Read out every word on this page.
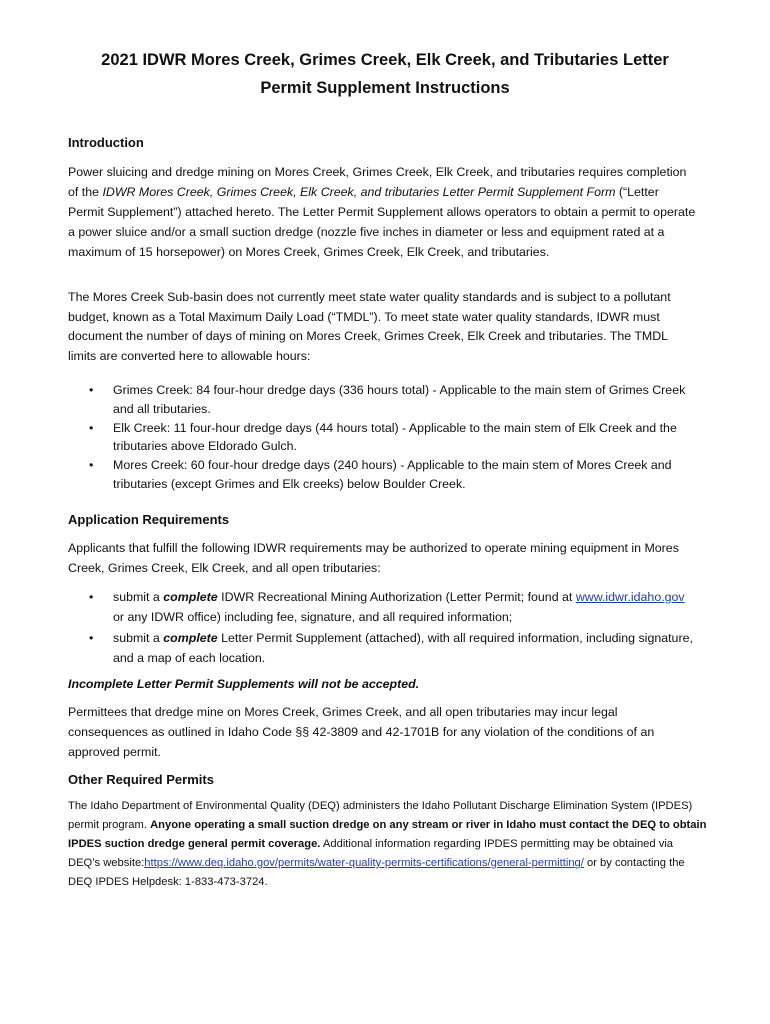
2021 IDWR Mores Creek, Grimes Creek, Elk Creek, and Tributaries Letter
Permit Supplement Instructions
Introduction
Power sluicing and dredge mining on Mores Creek, Grimes Creek, Elk Creek, and tributaries requires completion of the IDWR Mores Creek, Grimes Creek, Elk Creek, and tributaries Letter Permit Supplement Form (“Letter Permit Supplement”) attached hereto. The Letter Permit Supplement allows operators to obtain a permit to operate a power sluice and/or a small suction dredge (nozzle five inches in diameter or less and equipment rated at a maximum of 15 horsepower) on Mores Creek, Grimes Creek, Elk Creek, and tributaries.
The Mores Creek Sub-basin does not currently meet state water quality standards and is subject to a pollutant budget, known as a Total Maximum Daily Load (“TMDL”). To meet state water quality standards, IDWR must document the number of days of mining on Mores Creek, Grimes Creek, Elk Creek and tributaries. The TMDL limits are converted here to allowable hours:
• Grimes Creek: 84 four-hour dredge days (336 hours total) - Applicable to the main stem of Grimes Creek and all tributaries.
• Elk Creek: 11 four-hour dredge days (44 hours total) - Applicable to the main stem of Elk Creek and the tributaries above Eldorado Gulch.
• Mores Creek: 60 four-hour dredge days (240 hours) - Applicable to the main stem of Mores Creek and tributaries (except Grimes and Elk creeks) below Boulder Creek.
Application Requirements
Applicants that fulfill the following IDWR requirements may be authorized to operate mining equipment in Mores Creek, Grimes Creek, Elk Creek, and all open tributaries:
• submit a complete IDWR Recreational Mining Authorization (Letter Permit; found at www.idwr.idaho.gov or any IDWR office) including fee, signature, and all required information;
• submit a complete Letter Permit Supplement (attached), with all required information, including signature, and a map of each location.
Incomplete Letter Permit Supplements will not be accepted.
Permittees that dredge mine on Mores Creek, Grimes Creek, and all open tributaries may incur legal consequences as outlined in Idaho Code §§ 42-3809 and 42-1701B for any violation of the conditions of an approved permit.
Other Required Permits
The Idaho Department of Environmental Quality (DEQ) administers the Idaho Pollutant Discharge Elimination System (IPDES) permit program. Anyone operating a small suction dredge on any stream or river in Idaho must contact the DEQ to obtain IPDES suction dredge general permit coverage. Additional information regarding IPDES permitting may be obtained via DEQ’s website:https://www.deq.idaho.gov/permits/water-quality-permits-certifications/general-permitting/ or by contacting the DEQ IPDES Helpdesk: 1-833-473-3724.
